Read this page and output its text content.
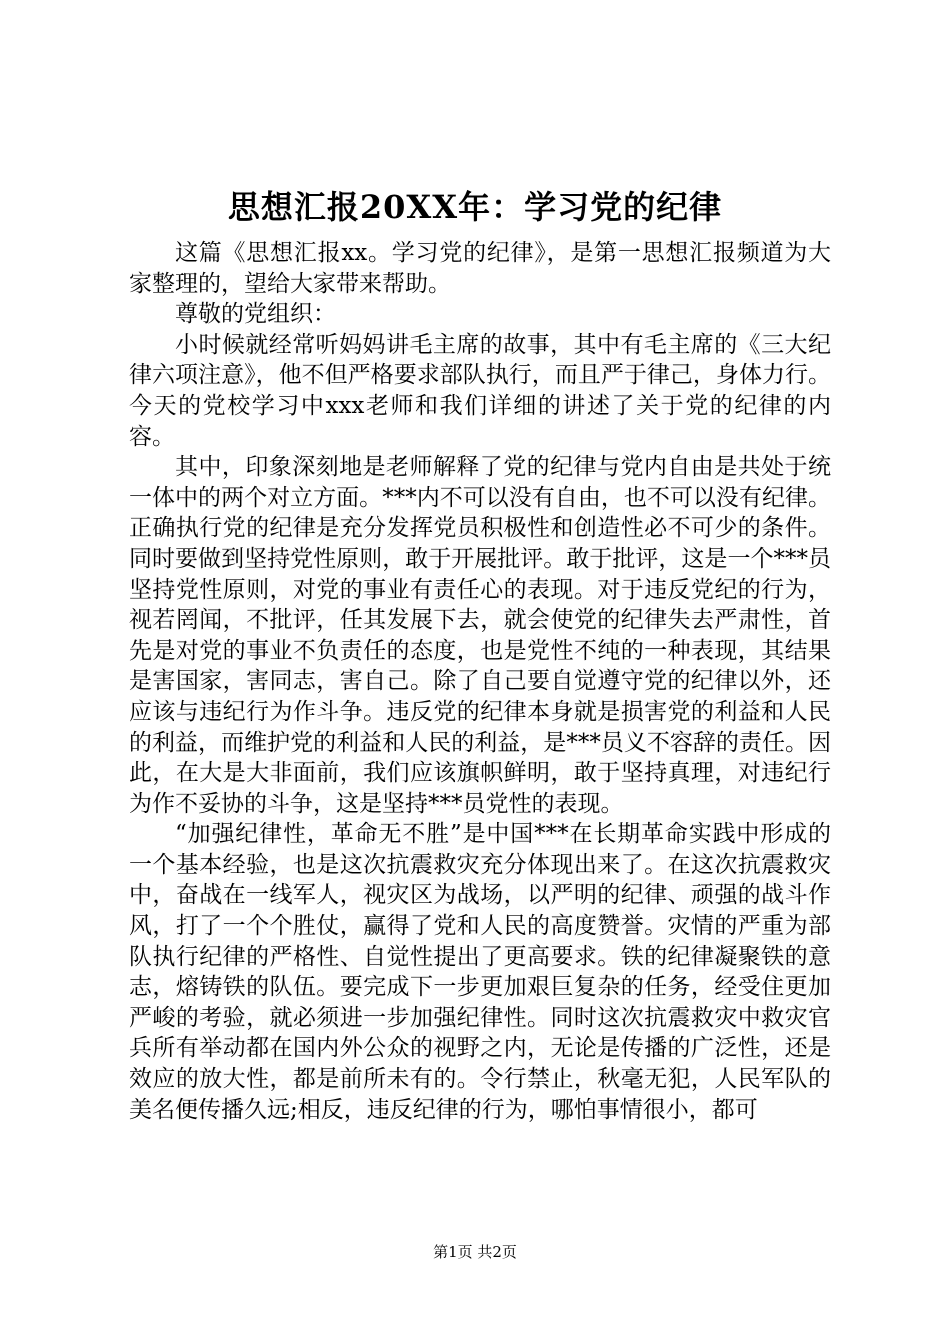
思想汇报20XX年：学习党的纪律

这篇《思想汇报xx。学习党的纪律》，是第一思想汇报频道为大家整理的，望给大家带来帮助。

尊敬的党组织：

小时候就经常听妈妈讲毛主席的故事，其中有毛主席的《三大纪律六项注意》，他不但严格要求部队执行，而且严于律己，身体力行。今天的党校学习中xxx老师和我们详细的讲述了关于党的纪律的内容。

其中，印象深刻地是老师解释了党的纪律与党内自由是共处于统一体中的两个对立方面。***内不可以没有自由，也不可以没有纪律。正确执行党的纪律是充分发挥党员积极性和创造性必不可少的条件。同时要做到坚持党性原则，敢于开展批评。敢于批评，这是一个***员坚持党性原则，对党的事业有责任心的表现。对于违反党纪的行为，视若罔闻，不批评，任其发展下去，就会使党的纪律失去严肃性，首先是对党的事业不负责任的态度，也是党性不纯的一种表现，其结果是害国家，害同志，害自己。除了自己要自觉遵守党的纪律以外，还应该与违纪行为作斗争。违反党的纪律本身就是损害党的利益和人民的利益，而维护党的利益和人民的利益，是***员义不容辞的责任。因此，在大是大非面前，我们应该旗帜鲜明，敢于坚持真理，对违纪行为作不妥协的斗争，这是坚持***员党性的表现。

“加强纪律性，革命无不胜”是中国***在长期革命实践中形成的一个基本经验，也是这次抗震救灾充分体现出来了。在这次抗震救灾中，奋战在一线军人，视灾区为战场，以严明的纪律、顽强的战斗作风，打了一个个胜仗，赢得了党和人民的高度赞誉。灾情的严重为部队执行纪律的严格性、自觉性提出了更高要求。铁的纪律凝聚铁的意志，熔铸铁的队伍。要完成下一步更加艰巨复杂的任务，经受住更加严峻的考验，就必须进一步加强纪律性。同时这次抗震救灾中救灾官兵所有举动都在国内外公众的视野之内，无论是传播的广泛性，还是效应的放大性，都是前所未有的。令行禁止，秋毫无犯，人民军队的美名便传播久远;相反，违反纪律的行为，哪怕事情很小，都可

第1页 共2页
